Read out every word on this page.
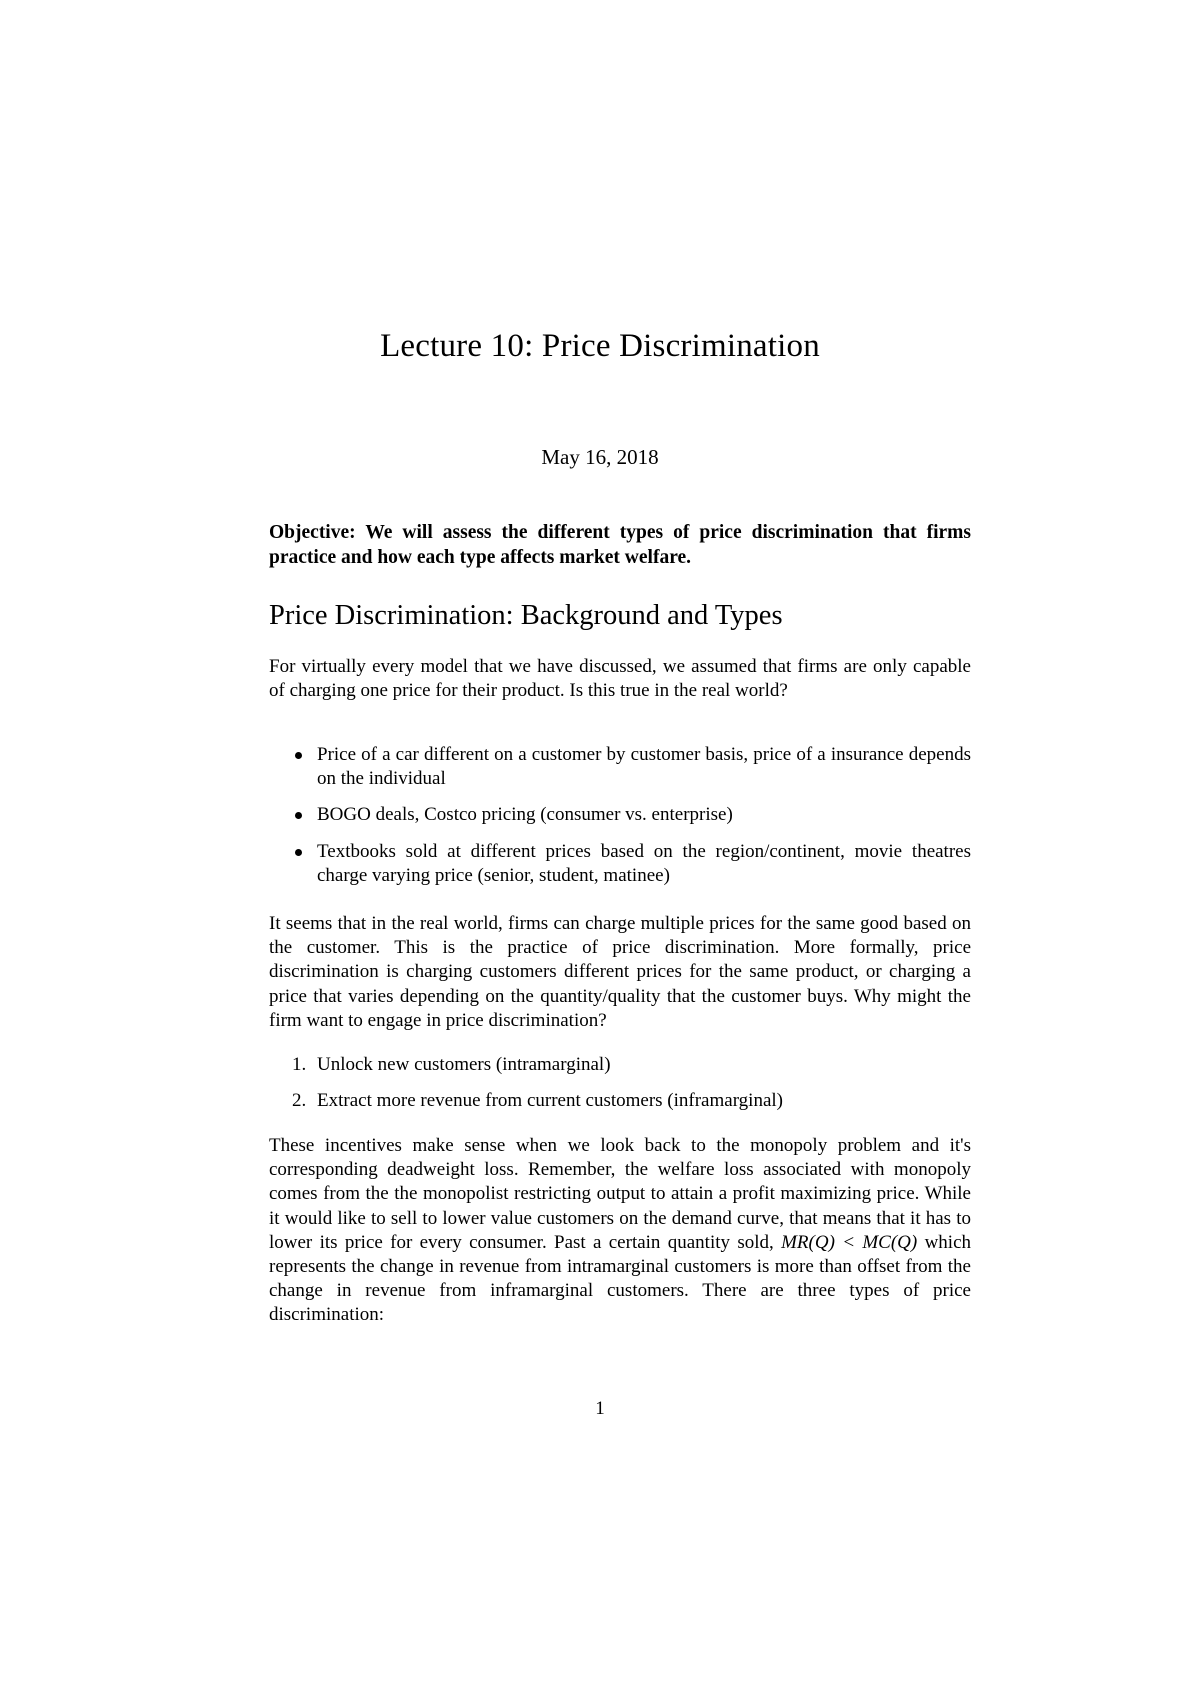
Lecture 10: Price Discrimination
May 16, 2018
Objective: We will assess the different types of price discrimination that firms practice and how each type affects market welfare.
Price Discrimination: Background and Types

For virtually every model that we have discussed, we assumed that firms are only capable of charging one price for their product. Is this true in the real world?

Price of a car different on a customer by customer basis, price of a insurance depends on the individual
BOGO deals, Costco pricing (consumer vs. enterprise)
Textbooks sold at different prices based on the region/continent, movie theatres charge varying price (senior, student, matinee)

It seems that in the real world, firms can charge multiple prices for the same good based on the customer. This is the practice of price discrimination. More formally, price discrimination is charging customers different prices for the same product, or charging a price that varies depending on the quantity/quality that the customer buys. Why might the firm want to engage in price discrimination?

1. Unlock new customers (intramarginal)
2. Extract more revenue from current customers (inframarginal)

These incentives make sense when we look back to the monopoly problem and it's corresponding deadweight loss. Remember, the welfare loss associated with monopoly comes from the the monopolist restricting output to attain a profit maximizing price. While it would like to sell to lower value customers on the demand curve, that means that it has to lower its price for every consumer. Past a certain quantity sold, MR(Q) < MC(Q) which represents the change in revenue from intramarginal customers is more than offset from the change in revenue from inframarginal customers. There are three types of price discrimination:

1
